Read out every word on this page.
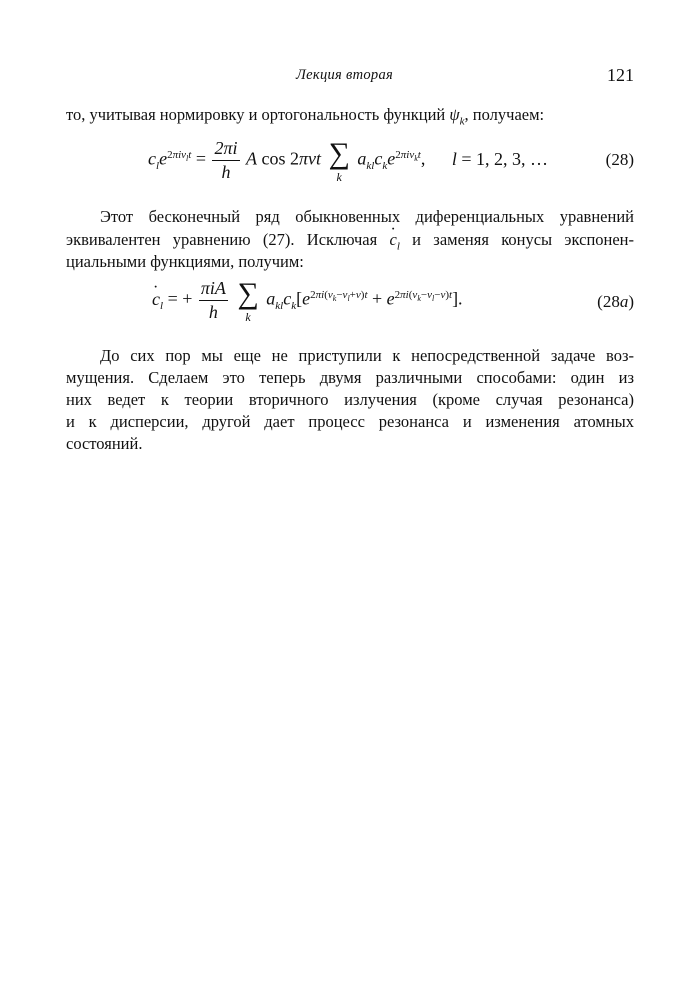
Лекция вторая	121
то, учитывая нормировку и ортогональность функций $\psi_k$, получаем:
$c_le^{2\pi i\nu_lt} = \frac{2\pi i}{h}$ A cos 2πνt ∑
k
$a_{kl}c_ke^{2\pi i\nu_kt}$, l = 1, 2, 3, …	(28)
Этот бесконечный ряд обыкновенных диференциальных уравнений
эквивалентен уравнению (27). Исключая · $c_l$ и заменяя конусы экспонен-
циальными функциями, получим:
· $c_l$ = + $\frac{\text{πiA}}{h}$
∑
k
$a_{kl}c_k[e^{2\pi i(\nu_k-\nu_l+\nu)t} + e^{2\pi i(\nu_k-\nu_l-\nu)t}]$.	(28a)
До сих пор мы еще не приступили к непосредственной задаче воз-
мущения. Сделаем это теперь двумя различными способами: один из
них ведет к теории вторичного излучения (кроме случая резонанса)
и к дисперсии, другой дает процесс резонанса и изменения атомных
состояний.
